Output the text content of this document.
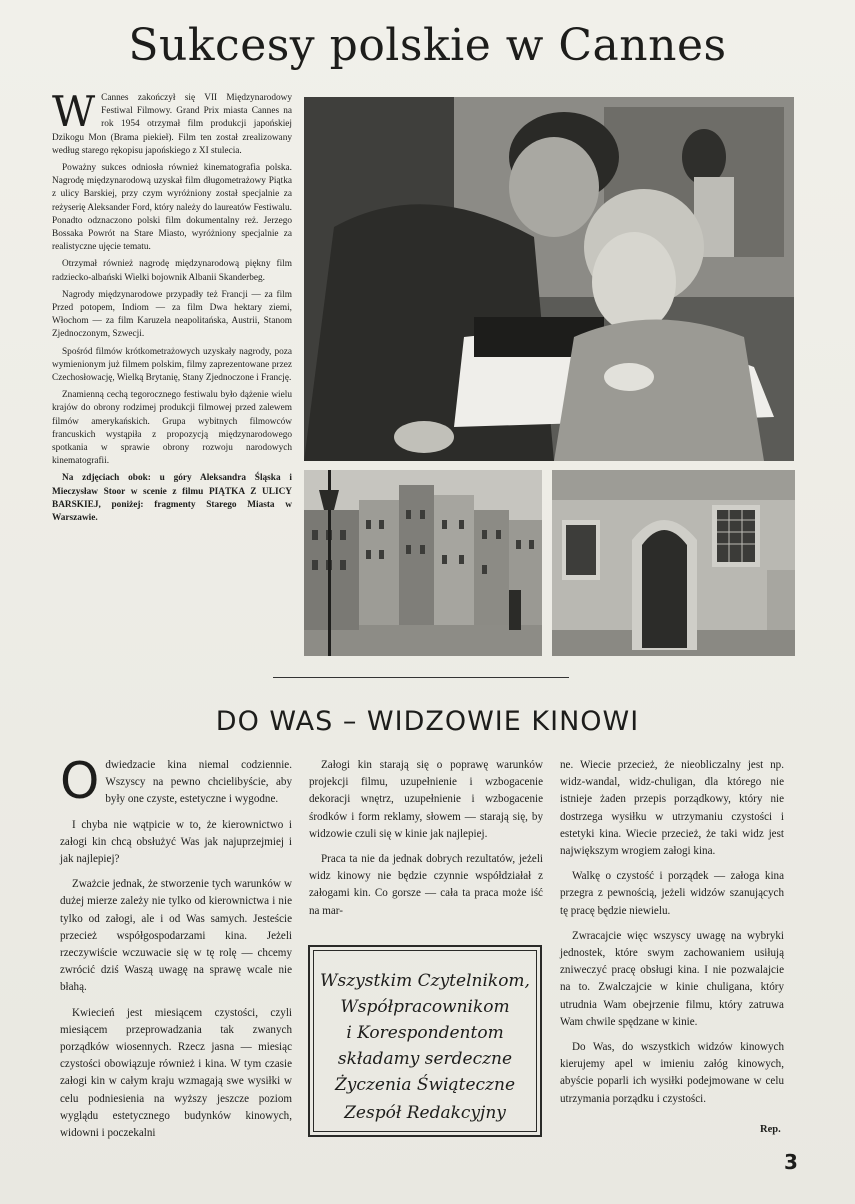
Sukcesy polskie w Cannes

W Cannes zakończył się VII Międzynarodowy Festiwal Filmowy. Grand Prix miasta Cannes na rok 1954 otrzymał film produkcji japońskiej Dzikogu Mon (Brama piekieł). Film ten został zrealizowany według starego rękopisu japońskiego z XI stulecia.

Poważny sukces odniosła również kinematografia polska. Nagrodę międzynarodową uzyskał film długometrażowy Piątka z ulicy Barskiej, przy czym wyróżniony został specjalnie za reżyserię Aleksander Ford, który należy do laureatów Festiwalu. Ponadto odznaczono polski film dokumentalny reż. Jerzego Bossaka Powrót na Stare Miasto, wyróżniony specjalnie za realistyczne ujęcie tematu.

Otrzymał również nagrodę międzynarodową piękny film radziecko-albański Wielki bojownik Albanii Skanderbeg.

Nagrody międzynarodowe przypadły też Francji — za film Przed potopem, Indiom — za film Dwa hektary ziemi, Włochom — za film Karuzela neapolitańska, Austrii, Stanom Zjednoczonym, Szwecji.

Spośród filmów krótkometrażowych uzyskały nagrody, poza wymienionym już filmem polskim, filmy zaprezentowane przez Czechosłowację, Wielką Brytanię, Stany Zjednoczone i Francję.

Znamienną cechą tegorocznego festiwalu było dążenie wielu krajów do obrony rodzimej produkcji filmowej przed zalewem filmów amerykańskich. Grupa wybitnych filmowców francuskich wystąpiła z propozycją międzynarodowego spotkania w sprawie obrony rozwoju narodowych kinematografii.

Na zdjęciach obok: u góry Aleksandra Śląska i Mieczysław Stoor w scenie z filmu PIĄTKA Z ULICY BARSKIEJ, poniżej: fragmenty Starego Miasta w Warszawie.

DO WAS – WIDZOWIE KINOWI

Odwiedzacie kina niemal codziennie. Wszyscy na pewno chcielibyście, aby były one czyste, estetyczne i wygodne.

I chyba nie wątpicie w to, że kierownictwo i załogi kin chcą obsłużyć Was jak najuprzejmiej i jak najlepiej?

Zważcie jednak, że stworzenie tych warunków w dużej mierze zależy nie tylko od kierownictwa i nie tylko od załogi, ale i od Was samych. Jesteście przecież współgospodarzami kina. Jeżeli rzeczywiście wczuwacie się w tę rolę — chcemy zwrócić dziś Waszą uwagę na sprawę wcale nie błahą.

Kwiecień jest miesiącem czystości, czyli miesiącem przeprowadzania tak zwanych porządków wiosennych. Rzecz jasna — miesiąc czystości obowiązuje również i kina. W tym czasie załogi kin w całym kraju wzmagają swe wysiłki w celu podniesienia na wyższy jeszcze poziom wyglądu estetycznego budynków kinowych, widowni i poczekalni

Załogi kin starają się o poprawę warunków projekcji filmu, uzupełnienie i wzbogacenie dekoracji wnętrz, uzupełnienie i wzbogacenie środków i form reklamy, słowem — starają się, by widzowie czuli się w kinie jak najlepiej.

Praca ta nie da jednak dobrych rezultatów, jeżeli widz kinowy nie będzie czynnie współdziałał z załogami kin. Co gorsze — cała ta praca może iść na mar-

Wszystkim Czytelnikom,
Współpracownikom
i Korespondentom
składamy serdeczne
Życzenia Świąteczne
Zespół Redakcyjny

ne. Wiecie przecież, że nieobliczalny jest np. widz-wandal, widz-chuligan, dla którego nie istnieje żaden przepis porządkowy, który nie dostrzega wysiłku w utrzymaniu czystości i estetyki kina. Wiecie przecież, że taki widz jest największym wrogiem załogi kina.

Walkę o czystość i porządek — załoga kina przegra z pewnością, jeżeli widzów szanujących tę pracę będzie niewielu.

Zwracajcie więc wszyscy uwagę na wybryki jednostek, które swym zachowaniem usiłują zniweczyć pracę obsługi kina. I nie pozwalajcie na to. Zwalczajcie w kinie chuligana, który utrudnia Wam obejrzenie filmu, który zatruwa Wam chwile spędzane w kinie.

Do Was, do wszystkich widzów kinowych kierujemy apel w imieniu załóg kinowych, abyście poparli ich wysiłki podejmowane w celu utrzymania porządku i czystości.

Rep.
3
